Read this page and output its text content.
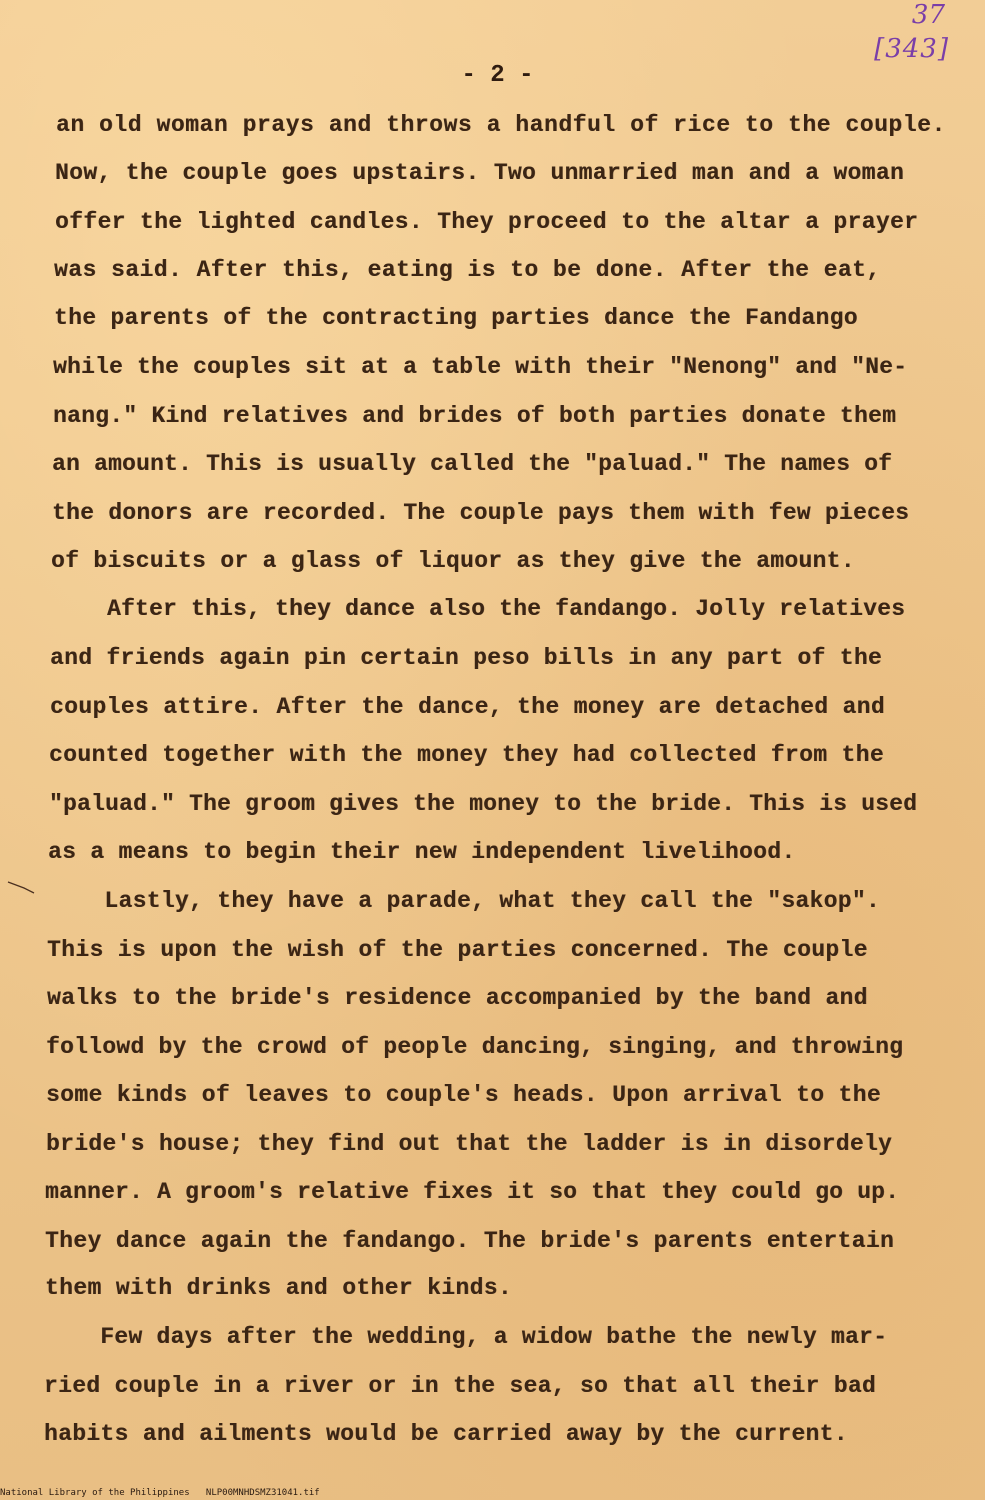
37
[343]
- 2 -
an old woman prays and throws a handful of rice to the couple.
Now, the couple goes upstairs. Two unmarried man and a woman
offer the lighted candles. They proceed to the altar a prayer
was said. After this, eating is to be done. After the eat,
the parents of the contracting parties dance the Fandango
while the couples sit at a table with their "Nenong" and "Ne-
nang." Kind relatives and brides of both parties donate them
an amount. This is usually called the "paluad." The names of
the donors are recorded. The couple pays them with few pieces
of biscuits or a glass of liquor as they give the amount.
After this, they dance also the fandango. Jolly relatives
and friends again pin certain peso bills in any part of the
couples attire. After the dance, the money are detached and
counted together with the money they had collected from the
"paluad." The groom gives the money to the bride. This is used
as a means to begin their new independent livelihood.
Lastly, they have a parade, what they call the "sakop".
This is upon the wish of the parties concerned. The couple
walks to the bride's residence accompanied by the band and
followd by the crowd of people dancing, singing, and throwing
some kinds of leaves to couple's heads. Upon arrival to the
bride's house; they find out that the ladder is in disordely
manner. A groom's relative fixes it so that they could go up.
They dance again the fandango. The bride's parents entertain
them with drinks and other kinds.
Few days after the wedding, a widow bathe the newly mar-
ried couple in a river or in the sea, so that all their bad
habits and ailments would be carried away by the current.
National Library of the Philippines NLP00MNHDSMZ31041.tif
